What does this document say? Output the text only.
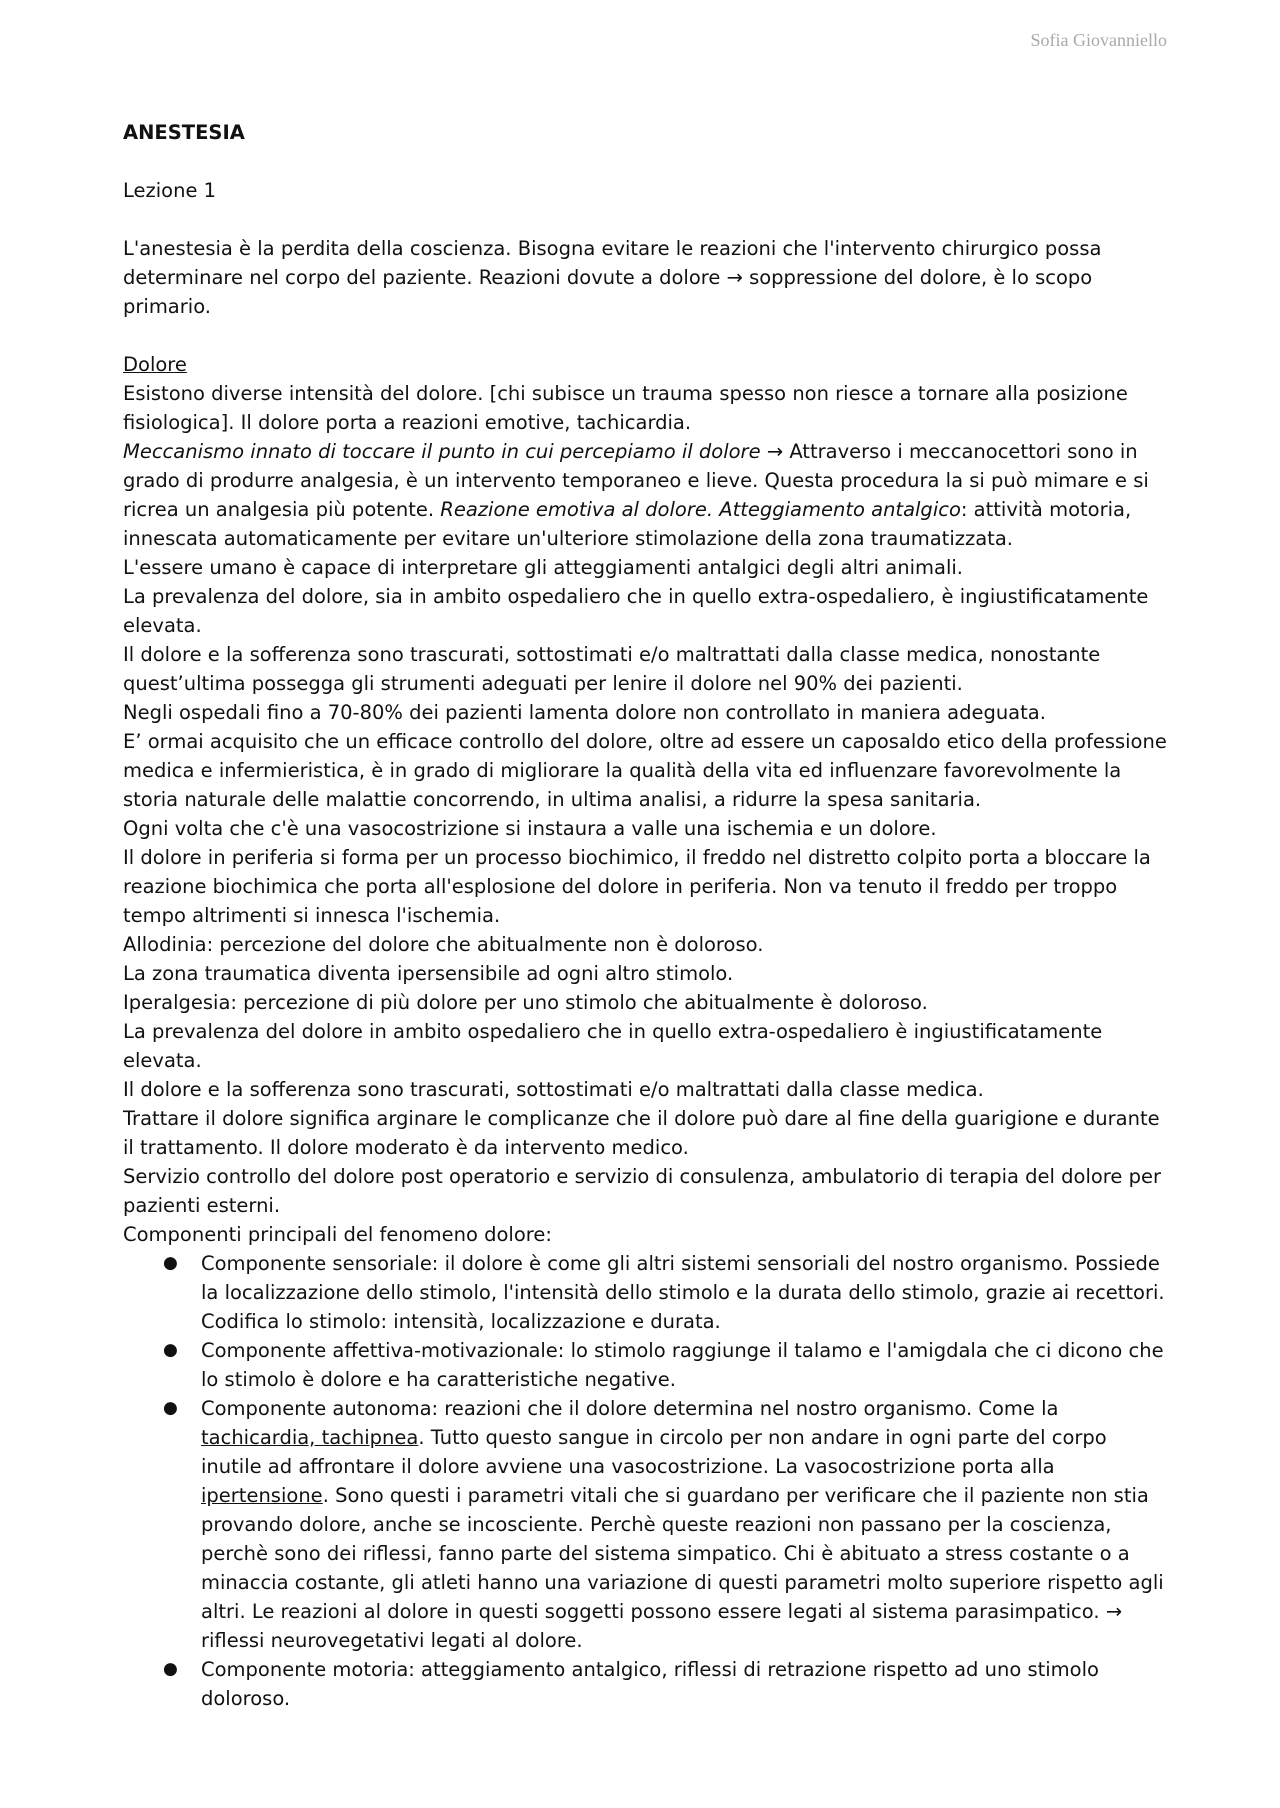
Sofia Giovanniello

ANESTESIA

Lezione 1

L'anestesia è la perdita della coscienza. Bisogna evitare le reazioni che l'intervento chirurgico possa determinare nel corpo del paziente. Reazioni dovute a dolore → soppressione del dolore, è lo scopo primario.

Dolore

Esistono diverse intensità del dolore. [chi subisce un trauma spesso non riesce a tornare alla posizione fisiologica]. Il dolore porta a reazioni emotive, tachicardia.

Meccanismo innato di toccare il punto in cui percepiamo il dolore → Attraverso i meccanocettori sono in grado di produrre analgesia, è un intervento temporaneo e lieve. Questa procedura la si può mimare e si ricrea un analgesia più potente. Reazione emotiva al dolore. Atteggiamento antalgico: attività motoria, innescata automaticamente per evitare un'ulteriore stimolazione della zona traumatizzata.

L'essere umano è capace di interpretare gli atteggiamenti antalgici degli altri animali.

La prevalenza del dolore, sia in ambito ospedaliero che in quello extra-ospedaliero, è ingiustificatamente elevata.

Il dolore e la sofferenza sono trascurati, sottostimati e/o maltrattati dalla classe medica, nonostante quest’ultima possegga gli strumenti adeguati per lenire il dolore nel 90% dei pazienti.

Negli ospedali fino a 70-80% dei pazienti lamenta dolore non controllato in maniera adeguata.

E’ ormai acquisito che un efficace controllo del dolore, oltre ad essere un caposaldo etico della professione medica e infermieristica, è in grado di migliorare la qualità della vita ed influenzare favorevolmente la storia naturale delle malattie concorrendo, in ultima analisi, a ridurre la spesa sanitaria.

Ogni volta che c'è una vasocostrizione si instaura a valle una ischemia e un dolore.

Il dolore in periferia si forma per un processo biochimico, il freddo nel distretto colpito porta a bloccare la reazione biochimica che porta all'esplosione del dolore in periferia. Non va tenuto il freddo per troppo tempo altrimenti si innesca l'ischemia.

Allodinia: percezione del dolore che abitualmente non è doloroso.

La zona traumatica diventa ipersensibile ad ogni altro stimolo.

Iperalgesia: percezione di più dolore per uno stimolo che abitualmente è doloroso.

La prevalenza del dolore in ambito ospedaliero che in quello extra-ospedaliero è ingiustificatamente elevata.

Il dolore e la sofferenza sono trascurati, sottostimati e/o maltrattati dalla classe medica.

Trattare il dolore significa arginare le complicanze che il dolore può dare al fine della guarigione e durante il trattamento. Il dolore moderato è da intervento medico.

Servizio controllo del dolore post operatorio e servizio di consulenza, ambulatorio di terapia del dolore per pazienti esterni.

Componenti principali del fenomeno dolore:

● Componente sensoriale: il dolore è come gli altri sistemi sensoriali del nostro organismo. Possiede la localizzazione dello stimolo, l'intensità dello stimolo e la durata dello stimolo, grazie ai recettori. Codifica lo stimolo: intensità, localizzazione e durata.
● Componente affettiva-motivazionale: lo stimolo raggiunge il talamo e l'amigdala che ci dicono che lo stimolo è dolore e ha caratteristiche negative.
● Componente autonoma: reazioni che il dolore determina nel nostro organismo. Come la tachicardia, tachipnea. Tutto questo sangue in circolo per non andare in ogni parte del corpo inutile ad affrontare il dolore avviene una vasocostrizione. La vasocostrizione porta alla ipertensione. Sono questi i parametri vitali che si guardano per verificare che il paziente non stia provando dolore, anche se incosciente. Perchè queste reazioni non passano per la coscienza, perchè sono dei riflessi, fanno parte del sistema simpatico. Chi è abituato a stress costante o a minaccia costante, gli atleti hanno una variazione di questi parametri molto superiore rispetto agli altri. Le reazioni al dolore in questi soggetti possono essere legati al sistema parasimpatico. → riflessi neurovegetativi legati al dolore.
● Componente motoria: atteggiamento antalgico, riflessi di retrazione rispetto ad uno stimolo doloroso.
